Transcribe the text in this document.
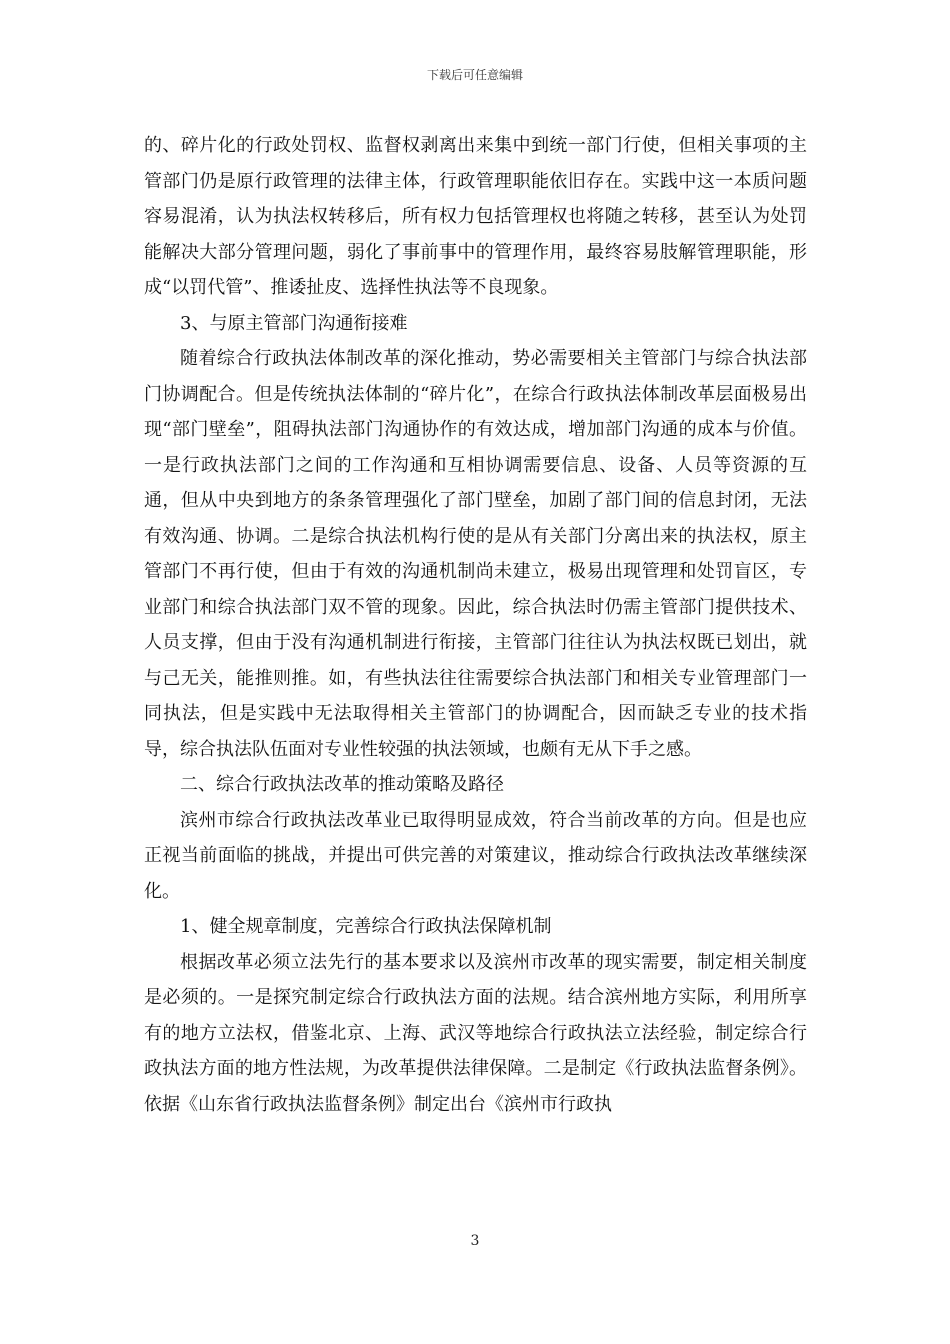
下载后可任意编辑

的、碎片化的行政处罚权、监督权剥离出来集中到统一部门行使，但相关事项的主管部门仍是原行政管理的法律主体，行政管理职能依旧存在。实践中这一本质问题容易混淆，认为执法权转移后，所有权力包括管理权也将随之转移，甚至认为处罚能解决大部分管理问题，弱化了事前事中的管理作用，最终容易肢解管理职能，形成“以罚代管”、推诿扯皮、选择性执法等不良现象。

3、与原主管部门沟通衔接难

随着综合行政执法体制改革的深化推动，势必需要相关主管部门与综合执法部门协调配合。但是传统执法体制的“碎片化”，在综合行政执法体制改革层面极易出现“部门壁垒”，阻碍执法部门沟通协作的有效达成，增加部门沟通的成本与价值。一是行政执法部门之间的工作沟通和互相协调需要信息、设备、人员等资源的互通，但从中央到地方的条条管理强化了部门壁垒，加剧了部门间的信息封闭，无法有效沟通、协调。二是综合执法机构行使的是从有关部门分离出来的执法权，原主管部门不再行使，但由于有效的沟通机制尚未建立，极易出现管理和处罚盲区，专业部门和综合执法部门双不管的现象。因此，综合执法时仍需主管部门提供技术、人员支撑，但由于没有沟通机制进行衔接，主管部门往往认为执法权既已划出，就与己无关，能推则推。如，有些执法往往需要综合执法部门和相关专业管理部门一同执法，但是实践中无法取得相关主管部门的协调配合，因而缺乏专业的技术指导，综合执法队伍面对专业性较强的执法领域，也颇有无从下手之感。

二、综合行政执法改革的推动策略及路径

滨州市综合行政执法改革业已取得明显成效，符合当前改革的方向。但是也应正视当前面临的挑战，并提出可供完善的对策建议，推动综合行政执法改革继续深化。

1、健全规章制度，完善综合行政执法保障机制

根据改革必须立法先行的基本要求以及滨州市改革的现实需要，制定相关制度是必须的。一是探究制定综合行政执法方面的法规。结合滨州地方实际，利用所享有的地方立法权，借鉴北京、上海、武汉等地综合行政执法立法经验，制定综合行政执法方面的地方性法规，为改革提供法律保障。二是制定《行政执法监督条例》。依据《山东省行政执法监督条例》制定出台《滨州市行政执

3
